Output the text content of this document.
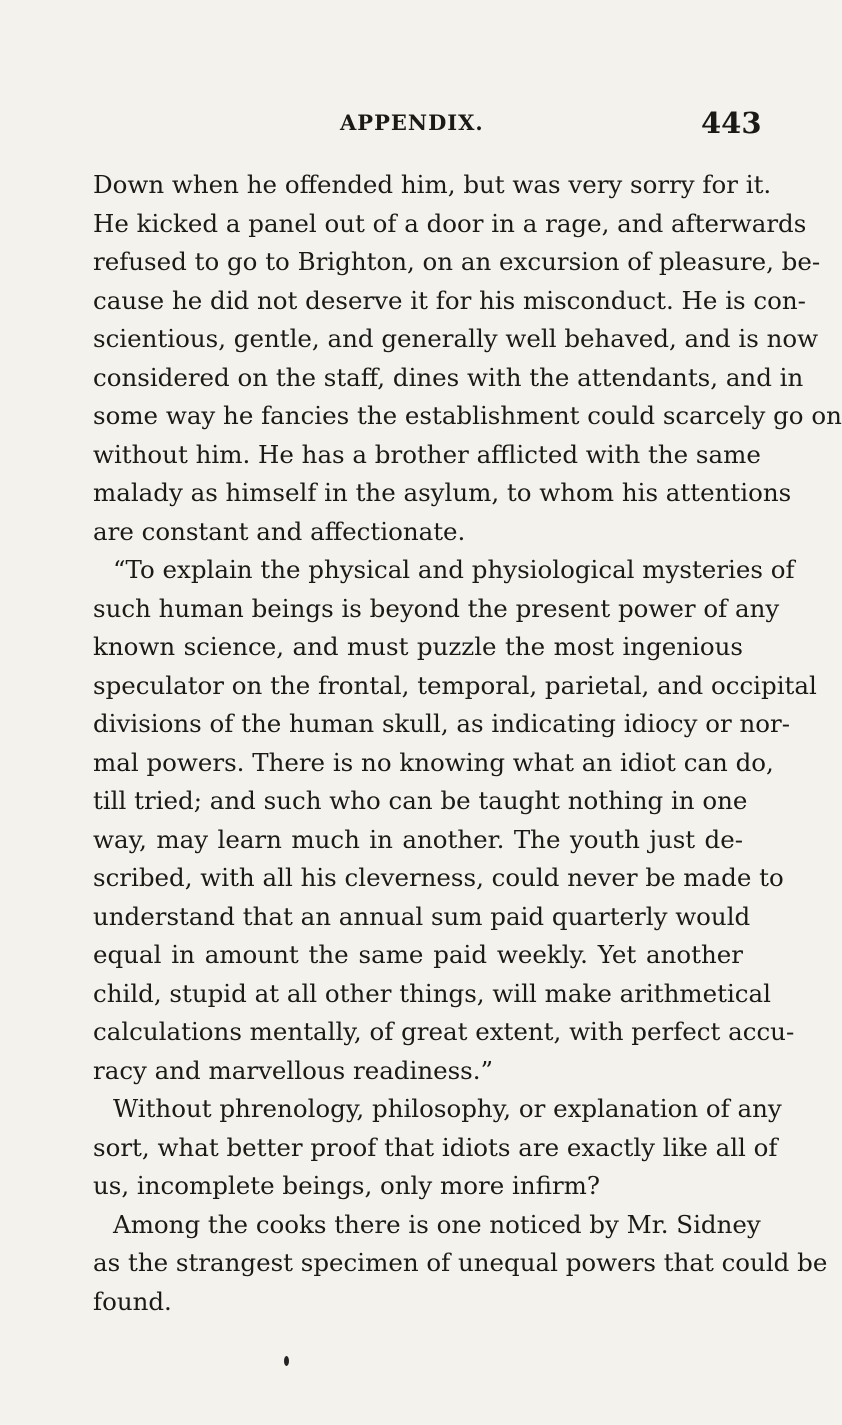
APPENDIX.	443
Down when he offended him, but was very sorry for it.
He kicked a panel out of a door in a rage, and afterwards
refused to go to Brighton, on an excursion of pleasure, be-
cause he did not deserve it for his misconduct. He is con-
scientious, gentle, and generally well behaved, and is now
considered on the staff, dines with the attendants, and in
some way he fancies the establishment could scarcely go on
without him. He has a brother afflicted with the same
malady as himself in the asylum, to whom his attentions
are constant and affectionate.
“To explain the physical and physiological mysteries of
such human beings is beyond the present power of any
known science, and must puzzle the most ingenious
speculator on the frontal, temporal, parietal, and occipital
divisions of the human skull, as indicating idiocy or nor-
mal powers. There is no knowing what an idiot can do,
till tried; and such who can be taught nothing in one
way, may learn much in another. The youth just de-
scribed, with all his cleverness, could never be made to
understand that an annual sum paid quarterly would
equal in amount the same paid weekly. Yet another
child, stupid at all other things, will make arithmetical
calculations mentally, of great extent, with perfect accu-
racy and marvellous readiness.”
Without phrenology, philosophy, or explanation of any
sort, what better proof that idiots are exactly like all of
us, incomplete beings, only more infirm?
Among the cooks there is one noticed by Mr. Sidney
as the strangest specimen of unequal powers that could be
found.
